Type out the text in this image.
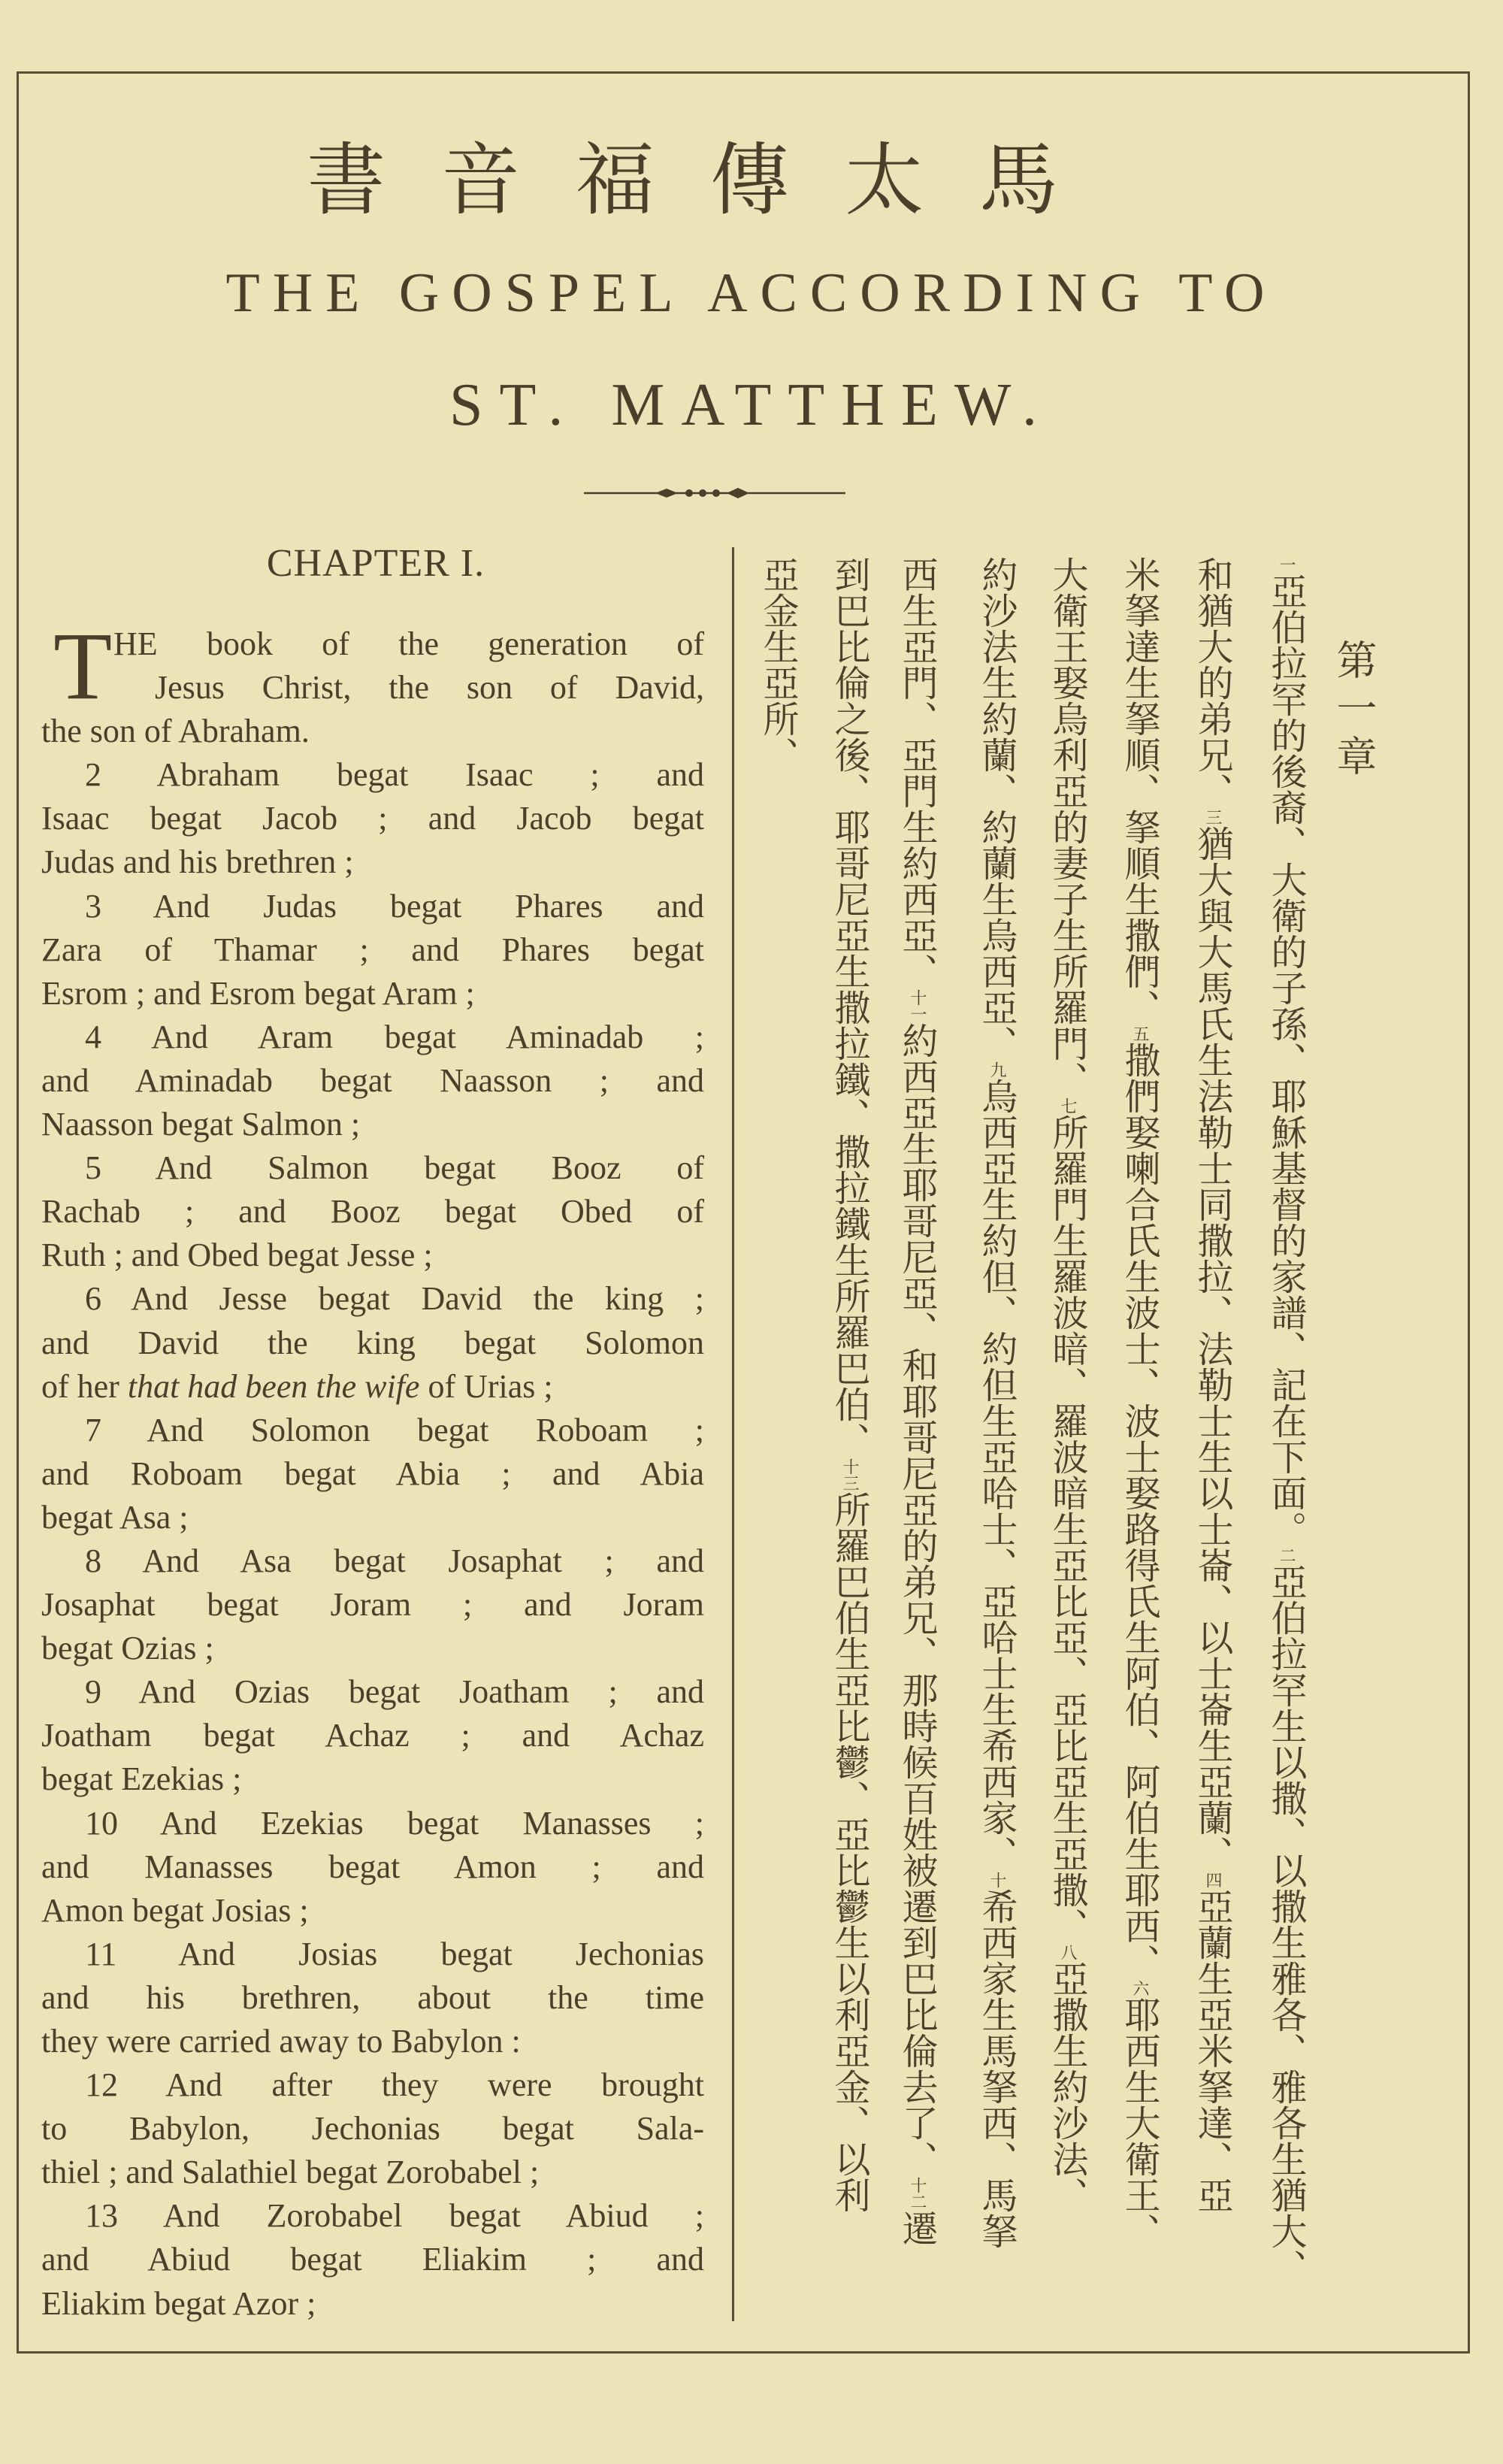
書音福傳太馬
THE GOSPEL ACCORDING TO
ST. MATTHEW.
CHAPTER I.
T HE book of the generation of
Jesus Christ, the son of David,
the son of Abraham.
2 Abraham begat Isaac ; and
Isaac begat Jacob ; and Jacob begat
Judas and his brethren ;
3 And Judas begat Phares and
Zara of Thamar ; and Phares begat
Esrom ; and Esrom begat Aram ;
4 And Aram begat Aminadab ;
and Aminadab begat Naasson ; and
Naasson begat Salmon ;
5 And Salmon begat Booz of
Rachab ; and Booz begat Obed of
Ruth ; and Obed begat Jesse ;
6 And Jesse begat David the king ;
and David the king begat Solomon
of her that had been the wife of Urias ;
7 And Solomon begat Roboam ;
and Roboam begat Abia ; and Abia
begat Asa ;
8 And Asa begat Josaphat ; and
Josaphat begat Joram ; and Joram
begat Ozias ;
9 And Ozias begat Joatham ; and
Joatham begat Achaz ; and Achaz
begat Ezekias ;
10 And Ezekias begat Manasses ;
and Manasses begat Amon ; and
Amon begat Josias ;
11 And Josias begat Jechonias
and his brethren, about the time
they were carried away to Babylon :
12 And after they were brought
to Babylon, Jechonias begat Sala-
thiel ; and Salathiel begat Zorobabel ;
13 And Zorobabel begat Abiud ;
and Abiud begat Eliakim ; and
Eliakim begat Azor ;
第一章
一亞伯拉罕的後裔、大衛的子孫、耶穌基督的家譜、記在下面。二亞伯拉罕生以撒、以撒生雅各、雅各生猶大、
和猶大的弟兄、三猶大與大馬氏生法勒士同撒拉、法勒士生以士崙、以士崙生亞蘭、四亞蘭生亞米拏達、亞
米拏達生拏順、拏順生撒們、五撒們娶喇合氏生波士、波士娶路得氏生阿伯、阿伯生耶西、六耶西生大衛王、
大衛王娶烏利亞的妻子生所羅門、七所羅門生羅波暗、羅波暗生亞比亞、亞比亞生亞撒、八亞撒生約沙法、
約沙法生約蘭、約蘭生烏西亞、九烏西亞生約但、約但生亞哈士、亞哈士生希西家、十希西家生馬拏西、馬拏
西生亞門、亞門生約西亞、十一約西亞生耶哥尼亞、和耶哥尼亞的弟兄、那時候百姓被遷到巴比倫去了、十二遷
到巴比倫之後、耶哥尼亞生撒拉鐵、撒拉鐵生所羅巴伯、十三所羅巴伯生亞比鬱、亞比鬱生以利亞金、以利
亞金生亞所、
